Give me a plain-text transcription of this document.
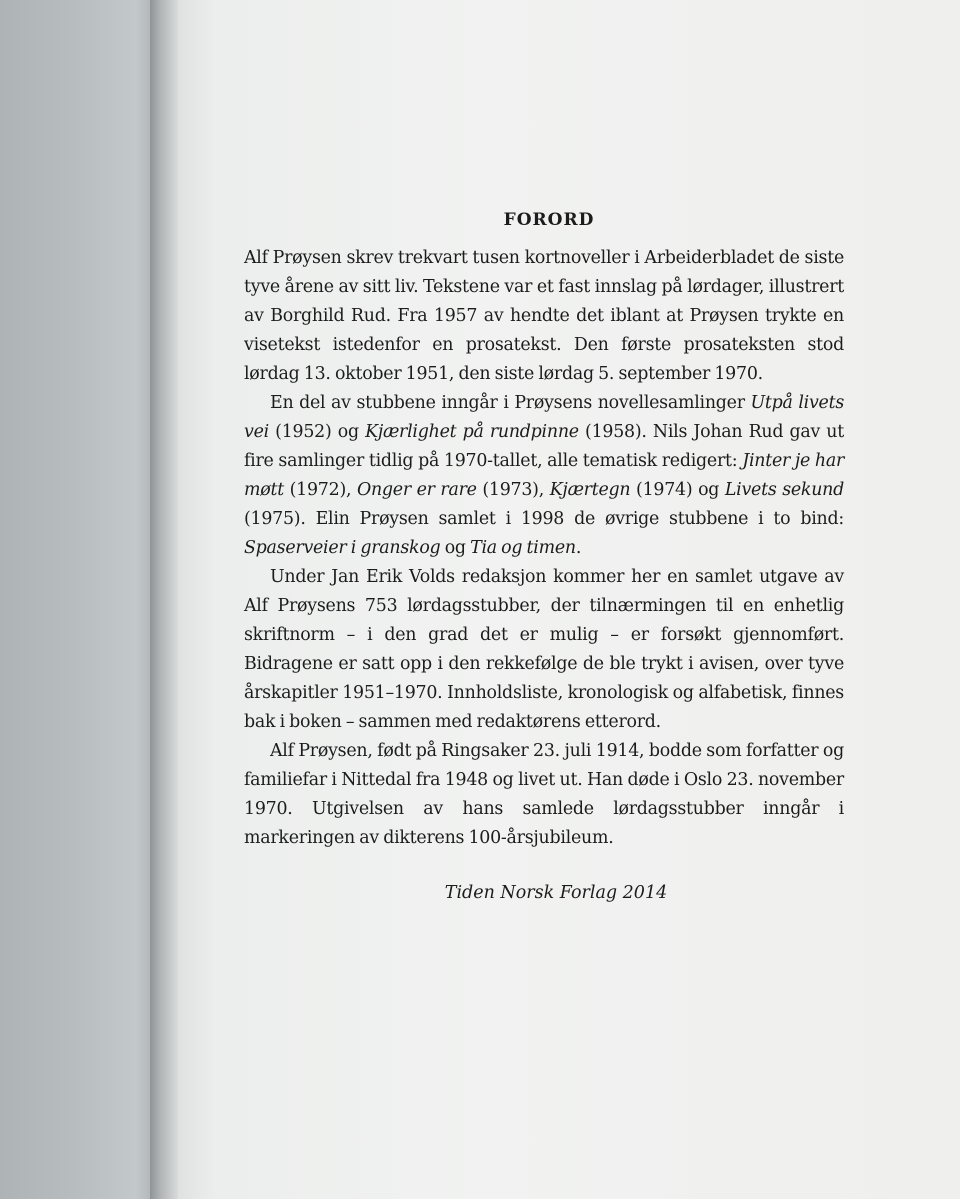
FORORD

Alf Prøysen skrev trekvart tusen kortnoveller i Arbeiderbladet de siste tyve årene av sitt liv. Tekstene var et fast innslag på lørdager, illustrert av Borghild Rud. Fra 1957 av hendte det iblant at Prøysen trykte en visetekst istedenfor en prosatekst. Den første prosateksten stod lørdag 13. oktober 1951, den siste lørdag 5. september 1970.

En del av stubbene inngår i Prøysens novellesamlinger Utpå livets vei (1952) og Kjærlighet på rundpinne (1958). Nils Johan Rud gav ut fire samlinger tidlig på 1970-tallet, alle tematisk redigert: Jinter je har møtt (1972), Onger er rare (1973), Kjærtegn (1974) og Livets sekund (1975). Elin Prøysen samlet i 1998 de øvrige stubbene i to bind: Spaserveier i granskog og Tia og timen.

Under Jan Erik Volds redaksjon kommer her en samlet utgave av Alf Prøysens 753 lørdagsstubber, der tilnærmingen til en enhetlig skriftnorm – i den grad det er mulig – er forsøkt gjennomført. Bidragene er satt opp i den rekkefølge de ble trykt i avisen, over tyve årskapitler 1951–1970. Innholdsliste, kronologisk og alfabetisk, finnes bak i boken – sammen med redaktørens etterord.

Alf Prøysen, født på Ringsaker 23. juli 1914, bodde som forfatter og familiefar i Nittedal fra 1948 og livet ut. Han døde i Oslo 23. november 1970. Utgivelsen av hans samlede lørdagsstubber inngår i markeringen av dikterens 100-årsjubileum.

Tiden Norsk Forlag 2014
